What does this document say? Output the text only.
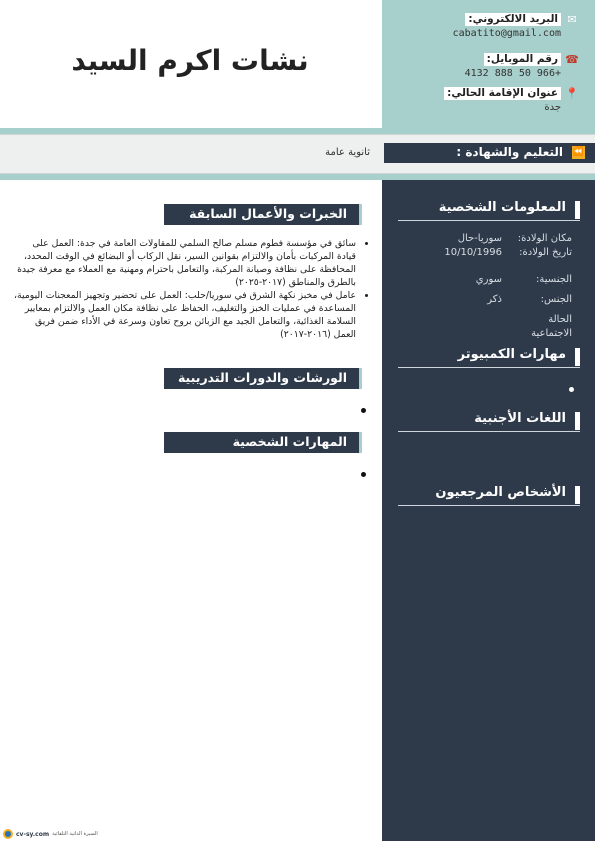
نشات اكرم السيد
✉
البريد الالكتروني:
cabatito@gmail.com
☎
رقم الموبايل:
+966 50 888 4132
📍
عنوان الإقامة الحالي:
جدة
⏪
التعليم والشهادة :
ثانوية عامة
المعلومات الشخصية
مكان الولادة:
سوريا-حال
تاريخ الولادة:
10/10/1996
الجنسية:
سوري
الجنس:
ذكر
الحالة
الاجتماعية
مهارات الكمبيوتر
اللغات الأجنبية
الأشخاص المرجعيون
الخبرات والأعمال السابقة
• سائق في مؤسسة فطوم مسلم صالح السلمي للمقاولات العامة في جدة: العمل على قيادة المركبات بأمان والالتزام بقوانين السير، نقل الركاب أو البضائع في الوقت المحدد، المحافظة على نظافة وصيانة المركبة، والتعامل باحترام ومهنية مع العملاء مع معرفة جيدة بالطرق والمناطق (٢٠١٧-٢٠٢٥)
• عامل في مخبز نكهة الشرق في سوريا/حلب: العمل على تحضير وتجهيز المعجنات اليومية، المساعدة في عمليات الخبز والتغليف، الحفاظ على نظافة مكان العمل والالتزام بمعايير السلامة الغذائية، والتعامل الجيد مع الزبائن بروح تعاون وسرعة في الأداء ضمن فريق العمل (٢٠١٦-٢٠١٧)
الورشات والدورات التدريبية
المهارات الشخصية
cv-sy.com السيرة الذاتية التلقائية
